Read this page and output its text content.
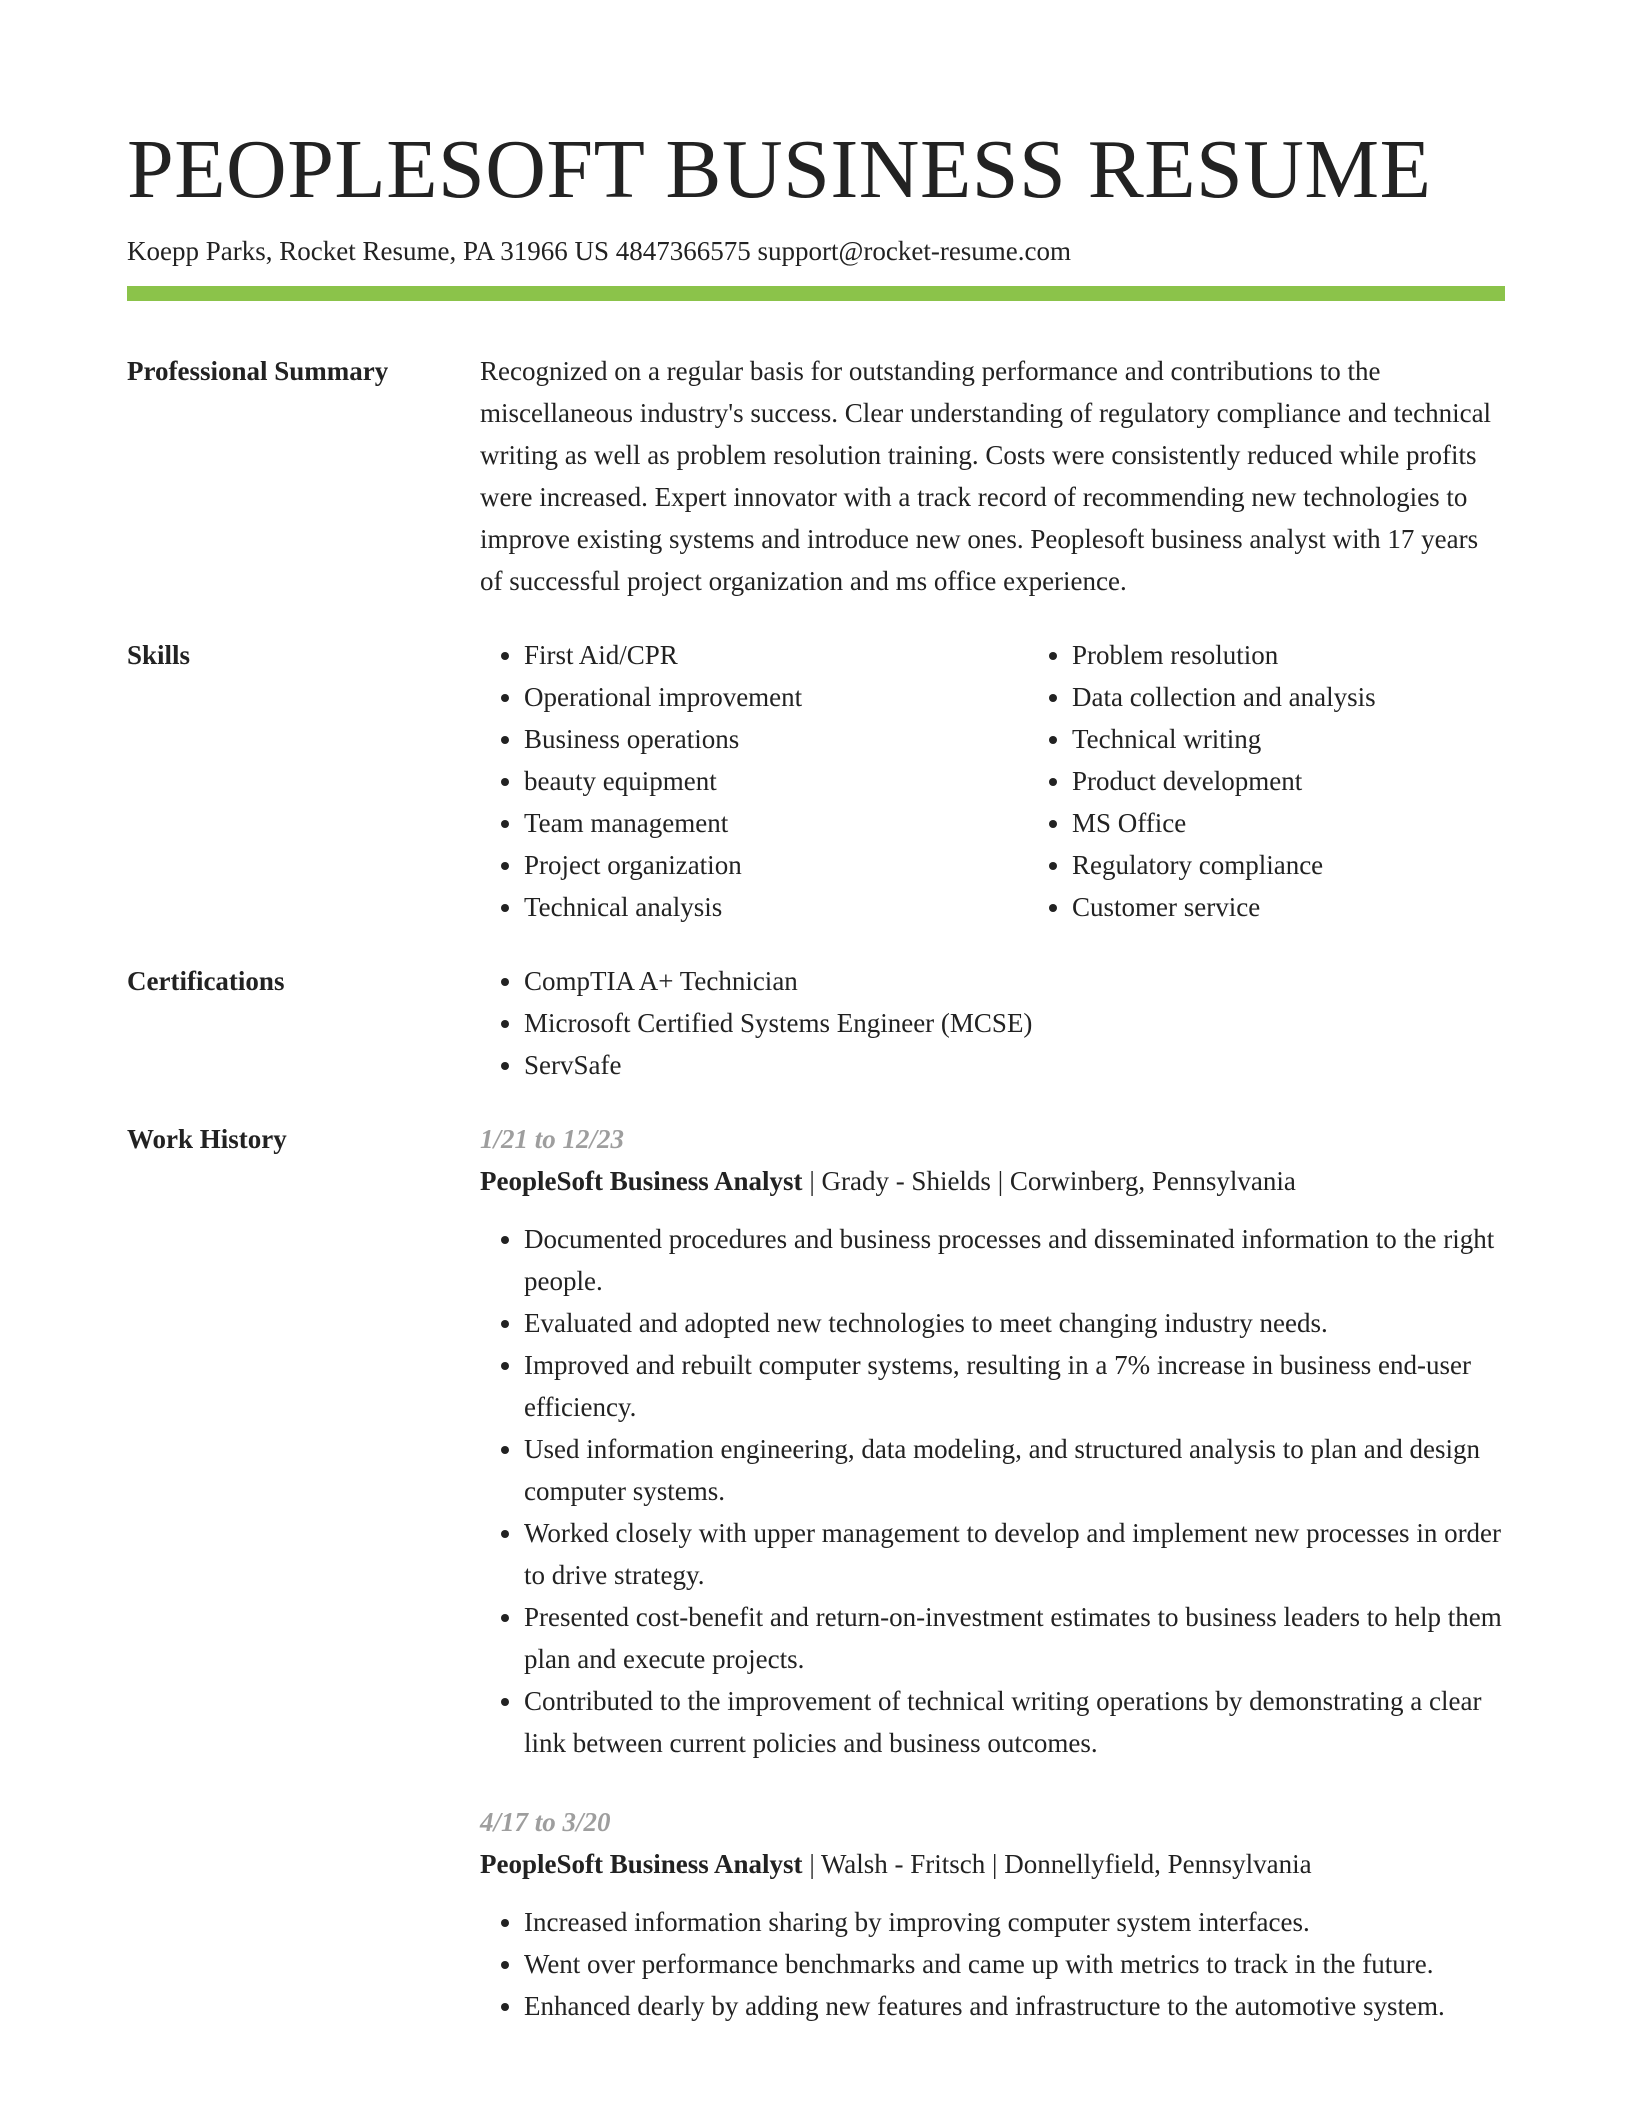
PEOPLESOFT BUSINESS RESUME
Koepp Parks, Rocket Resume, PA 31966 US 4847366575 support@rocket-resume.com
Professional Summary	Recognized on a regular basis for outstanding performance and contributions to the miscellaneous industry's success. Clear understanding of regulatory compliance and technical writing as well as problem resolution training. Costs were consistently reduced while profits were increased. Expert innovator with a track record of recommending new technologies to improve existing systems and introduce new ones. Peoplesoft business analyst with 17 years of successful project organization and ms office experience.
Skills	• First Aid/CPR
• Operational improvement
• Business operations
• beauty equipment
• Team management
• Project organization
• Technical analysis
• Problem resolution
• Data collection and analysis
• Technical writing
• Product development
• MS Office
• Regulatory compliance
• Customer service
Certifications	• CompTIA A+ Technician
• Microsoft Certified Systems Engineer (MCSE)
• ServSafe
Work History	1/21 to 12/23
PeopleSoft Business Analyst | Grady - Shields | Corwinberg, Pennsylvania
• Documented procedures and business processes and disseminated information to the right people.
• Evaluated and adopted new technologies to meet changing industry needs.
• Improved and rebuilt computer systems, resulting in a 7% increase in business end-user efficiency.
• Used information engineering, data modeling, and structured analysis to plan and design computer systems.
• Worked closely with upper management to develop and implement new processes in order to drive strategy.
• Presented cost-benefit and return-on-investment estimates to business leaders to help them plan and execute projects.
• Contributed to the improvement of technical writing operations by demonstrating a clear link between current policies and business outcomes.
4/17 to 3/20
PeopleSoft Business Analyst | Walsh - Fritsch | Donnellyfield, Pennsylvania
• Increased information sharing by improving computer system interfaces.
• Went over performance benchmarks and came up with metrics to track in the future.
• Enhanced dearly by adding new features and infrastructure to the automotive system.
